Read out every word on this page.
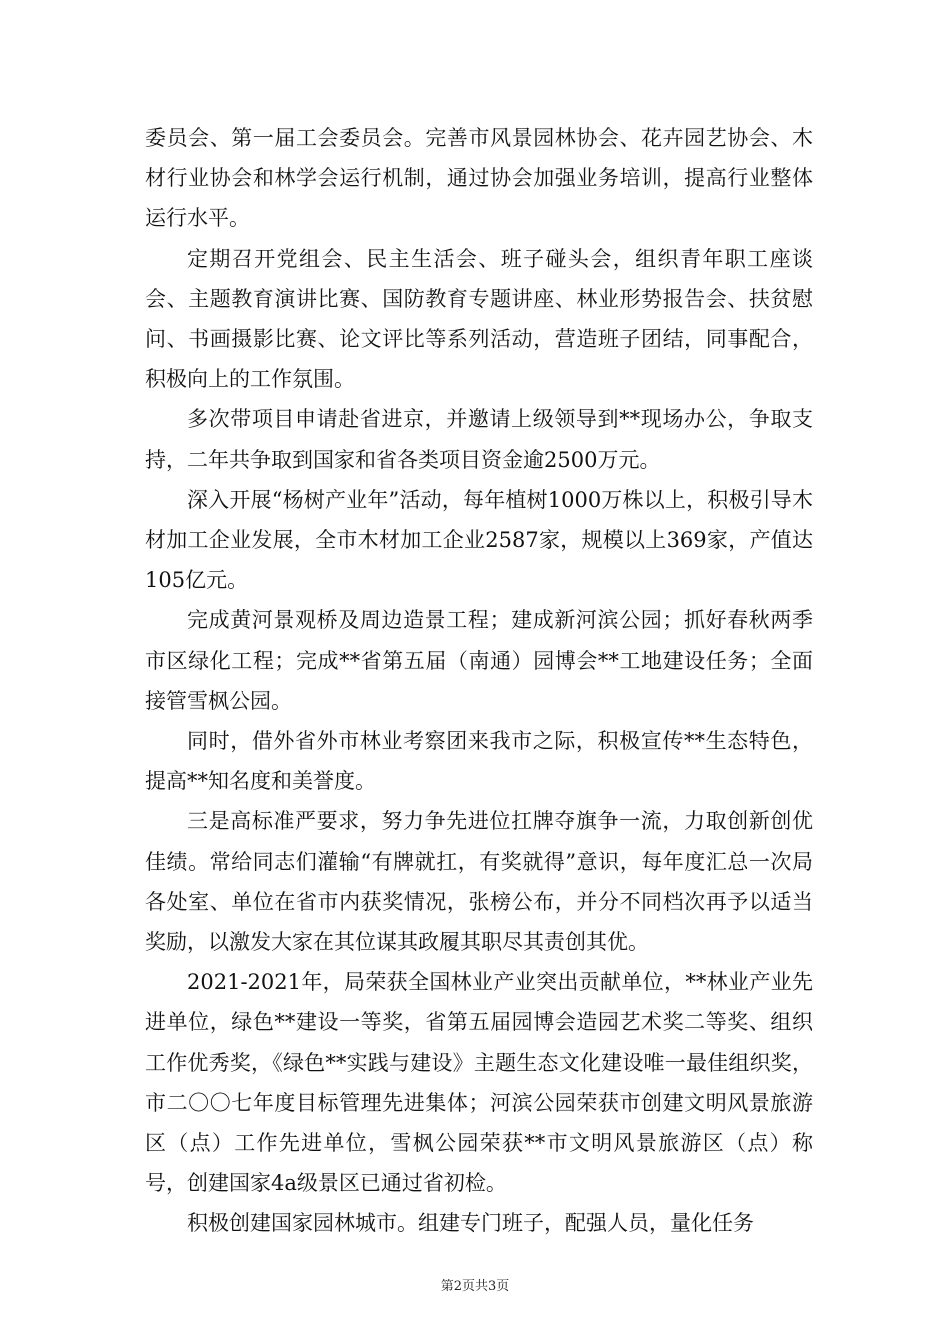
委员会、第一届工会委员会。完善市风景园林协会、花卉园艺协会、木材行业协会和林学会运行机制，通过协会加强业务培训，提高行业整体运行水平。

定期召开党组会、民主生活会、班子碰头会，组织青年职工座谈会、主题教育演讲比赛、国防教育专题讲座、林业形势报告会、扶贫慰问、书画摄影比赛、论文评比等系列活动，营造班子团结，同事配合，积极向上的工作氛围。

多次带项目申请赴省进京，并邀请上级领导到**现场办公，争取支持，二年共争取到国家和省各类项目资金逾2500万元。

深入开展“杨树产业年”活动，每年植树1000万株以上，积极引导木材加工企业发展，全市木材加工企业2587家，规模以上369家，产值达105亿元。

完成黄河景观桥及周边造景工程；建成新河滨公园；抓好春秋两季市区绿化工程；完成**省第五届（南通）园博会**工地建设任务；全面接管雪枫公园。

同时，借外省外市林业考察团来我市之际，积极宣传**生态特色，提高**知名度和美誉度。

三是高标准严要求，努力争先进位扛牌夺旗争一流，力取创新创优佳绩。常给同志们灌输“有牌就扛，有奖就得”意识，每年度汇总一次局各处室、单位在省市内获奖情况，张榜公布，并分不同档次再予以适当奖励，以激发大家在其位谋其政履其职尽其责创其优。

2021-2021年，局荣获全国林业产业突出贡献单位，**林业产业先进单位，绿色**建设一等奖，省第五届园博会造园艺术奖二等奖、组织工作优秀奖，《绿色**实践与建设》主题生态文化建设唯一最佳组织奖，市二〇〇七年度目标管理先进集体；河滨公园荣获市创建文明风景旅游区（点）工作先进单位，雪枫公园荣获**市文明风景旅游区（点）称号，创建国家4a级景区已通过省初检。

积极创建国家园林城市。组建专门班子，配强人员，量化任务

第2页共3页
